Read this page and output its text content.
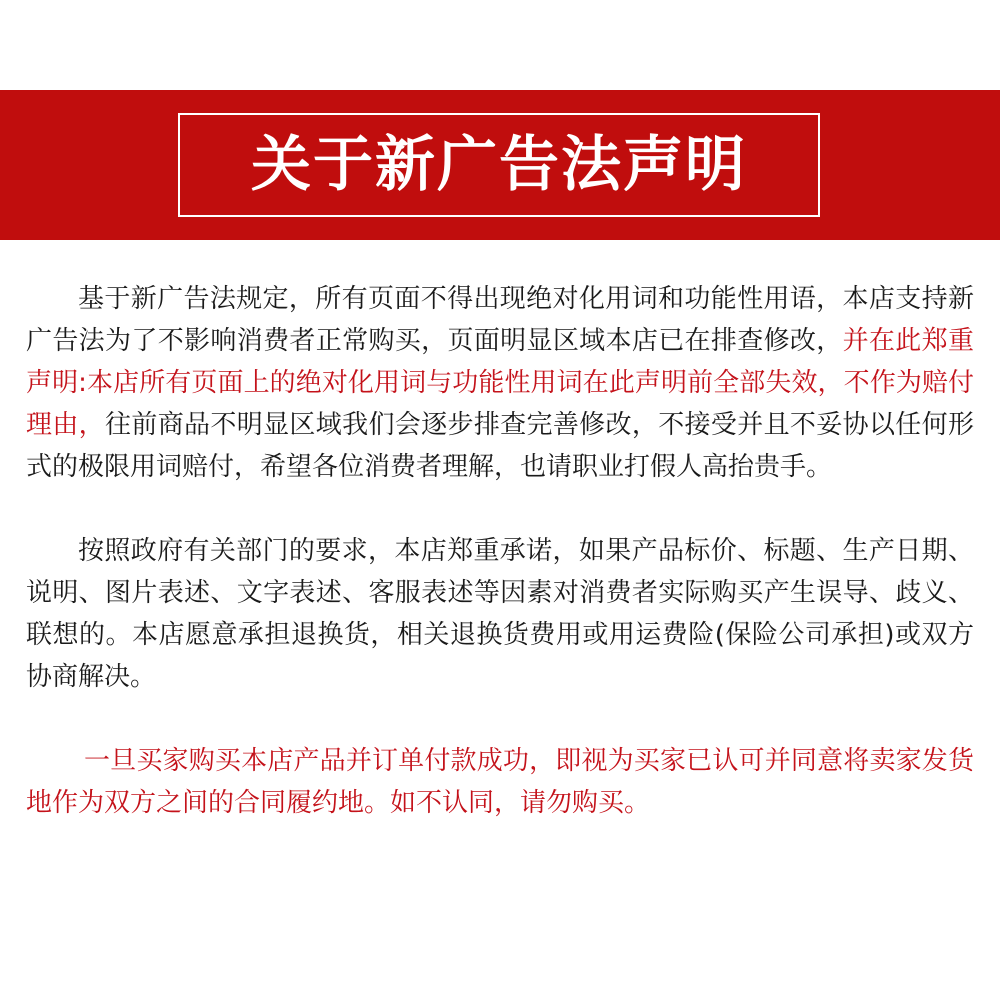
关于新广告法声明

基于新广告法规定，所有页面不得出现绝对化用词和功能性用语，本店支持新广告法为了不影响消费者正常购买，页面明显区域本店已在排查修改，并在此郑重声明:本店所有页面上的绝对化用词与功能性用词在此声明前全部失效，不作为赔付理由，往前商品不明显区域我们会逐步排查完善修改，不接受并且不妥协以任何形式的极限用词赔付，希望各位消费者理解，也请职业打假人高抬贵手。

按照政府有关部门的要求，本店郑重承诺，如果产品标价、标题、生产日期、说明、图片表述、文字表述、客服表述等因素对消费者实际购买产生误导、歧义、联想的。本店愿意承担退换货，相关退换货费用或用运费险(保险公司承担)或双方协商解决。

一旦买家购买本店产品并订单付款成功，即视为买家已认可并同意将卖家发货地作为双方之间的合同履约地。如不认同，请勿购买。
